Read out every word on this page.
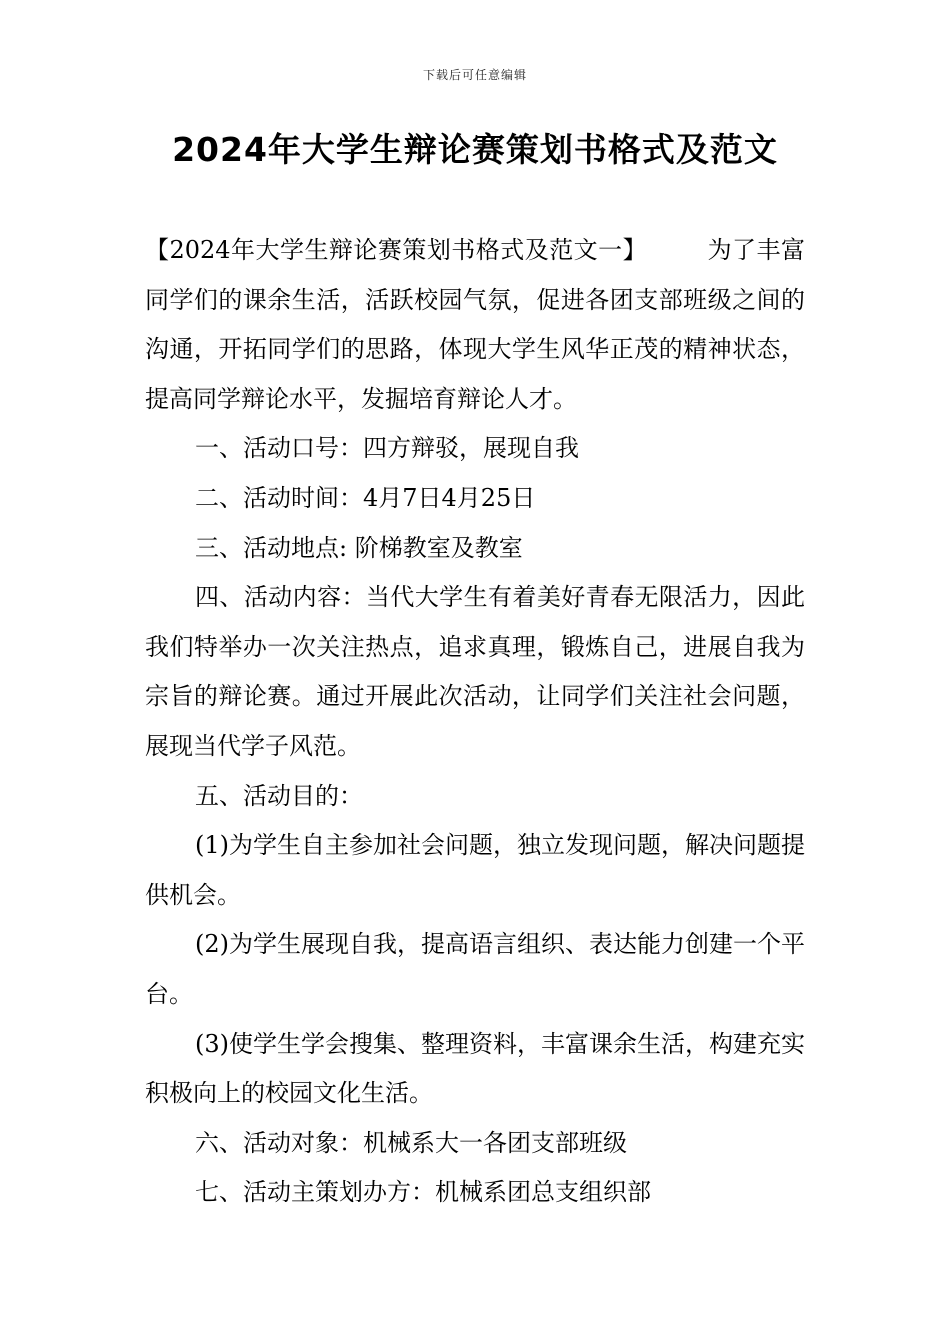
下载后可任意编辑
2024年大学生辩论赛策划书格式及范文

【2024年大学生辩论赛策划书格式及范文一】	为了丰富同学们的课余生活，活跃校园气氛，促进各团支部班级之间的沟通，开拓同学们的思路，体现大学生风华正茂的精神状态，提高同学辩论水平，发掘培育辩论人才。

一、活动口号：四方辩驳，展现自我

二、活动时间：4月7日4月25日

三、活动地点: 阶梯教室及教室

四、活动内容：当代大学生有着美好青春无限活力，因此我们特举办一次关注热点，追求真理，锻炼自己，进展自我为宗旨的辩论赛。通过开展此次活动，让同学们关注社会问题，展现当代学子风范。

五、活动目的：

(1)为学生自主参加社会问题，独立发现问题，解决问题提供机会。

(2)为学生展现自我，提高语言组织、表达能力创建一个平台。

(3)使学生学会搜集、整理资料，丰富课余生活，构建充实积极向上的校园文化生活。

六、活动对象：机械系大一各团支部班级

七、活动主策划办方：机械系团总支组织部
